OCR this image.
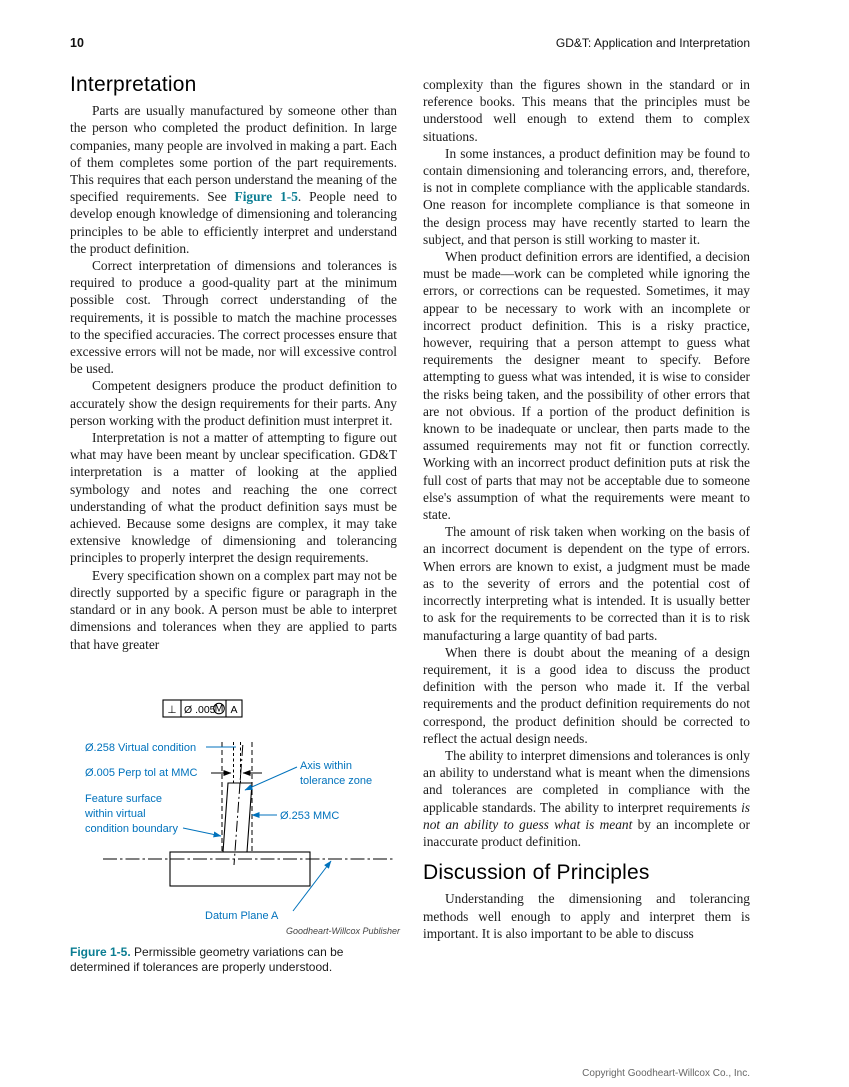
10	GD&T: Application and Interpretation
Interpretation

Parts are usually manufactured by someone other than the person who completed the product definition. In large companies, many people are involved in making a part. Each of them completes some portion of the part requirements. This requires that each person understand the meaning of the specified requirements. See Figure 1-5. People need to develop enough knowledge of dimensioning and tolerancing principles to be able to efficiently interpret and understand the product definition.

Correct interpretation of dimensions and tolerances is required to produce a good-quality part at the minimum possible cost. Through correct understanding of the requirements, it is possible to match the machine processes to the specified accuracies. The correct processes ensure that excessive errors will not be made, nor will excessive control be used.

Competent designers produce the product definition to accurately show the design requirements for their parts. Any person working with the product definition must interpret it.

Interpretation is not a matter of attempting to figure out what may have been meant by unclear specification. GD&T interpretation is a matter of looking at the applied symbology and notes and reaching the one correct understanding of what the product definition says must be achieved. Because some designs are complex, it may take extensive knowledge of dimensioning and tolerancing principles to properly interpret the design requirements.

Every specification shown on a complex part may not be directly supported by a specific figure or paragraph in the standard or in any book. A person must be able to interpret dimensions and tolerances when they are applied to parts that have greater

⊥ Ø .005 M A
Ø.258 Virtual condition
Ø.005 Perp tol at MMC
Axis within
tolerance zone
Feature surface
within virtual
condition boundary
Ø.253 MMC
Datum Plane A
Goodheart-Willcox Publisher
Figure 1-5. Permissible geometry variations can be determined if tolerances are properly understood.

complexity than the figures shown in the standard or in reference books. This means that the principles must be understood well enough to extend them to complex situations.

In some instances, a product definition may be found to contain dimensioning and tolerancing errors, and, therefore, is not in complete compliance with the applicable standards. One reason for incomplete compliance is that someone in the design process may have recently started to learn the subject, and that person is still working to master it.

When product definition errors are identified, a decision must be made—work can be completed while ignoring the errors, or corrections can be requested. Sometimes, it may appear to be necessary to work with an incomplete or incorrect product definition. This is a risky practice, however, requiring that a person attempt to guess what requirements the designer meant to specify. Before attempting to guess what was intended, it is wise to consider the risks being taken, and the possibility of other errors that are not obvious. If a portion of the product definition is known to be inadequate or unclear, then parts made to the assumed requirements may not fit or function correctly. Working with an incorrect product definition puts at risk the full cost of parts that may not be acceptable due to someone else's assumption of what the requirements were meant to state.

The amount of risk taken when working on the basis of an incorrect document is dependent on the type of errors. When errors are known to exist, a judgment must be made as to the severity of errors and the potential cost of incorrectly interpreting what is intended. It is usually better to ask for the requirements to be corrected than it is to risk manufacturing a large quantity of bad parts.

When there is doubt about the meaning of a design requirement, it is a good idea to discuss the product definition with the person who made it. If the verbal requirements and the product definition requirements do not correspond, the product definition should be corrected to reflect the actual design needs.

The ability to interpret dimensions and tolerances is only an ability to understand what is meant when the dimensions and tolerances are completed in compliance with the applicable standards. The ability to interpret requirements is not an ability to guess what is meant by an incomplete or inaccurate product definition.

Discussion of Principles

Understanding the dimensioning and tolerancing methods well enough to apply and interpret them is important. It is also important to be able to discuss

Copyright Goodheart-Willcox Co., Inc.
